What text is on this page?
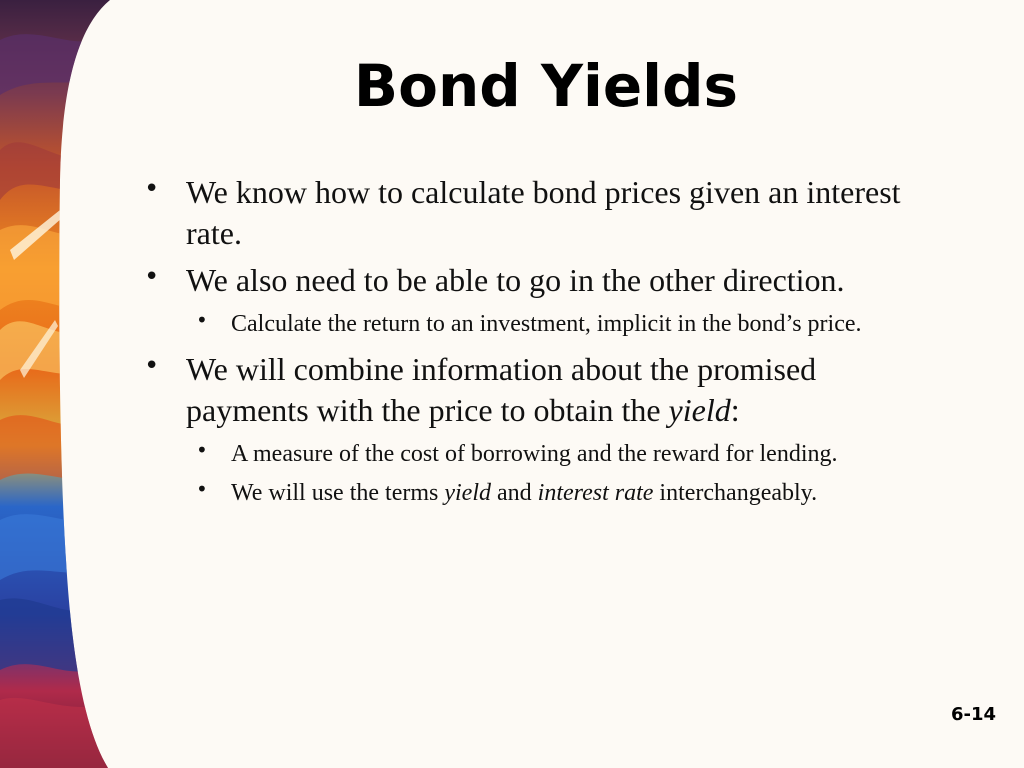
Bond Yields
• We know how to calculate bond prices given an interest rate.
• We also need to be able to go in the other direction.
• Calculate the return to an investment, implicit in the bond’s price.
• We will combine information about the promised payments with the price to obtain the yield:
• A measure of the cost of borrowing and the reward for lending.
• We will use the terms yield and interest rate interchangeably.
6-14
